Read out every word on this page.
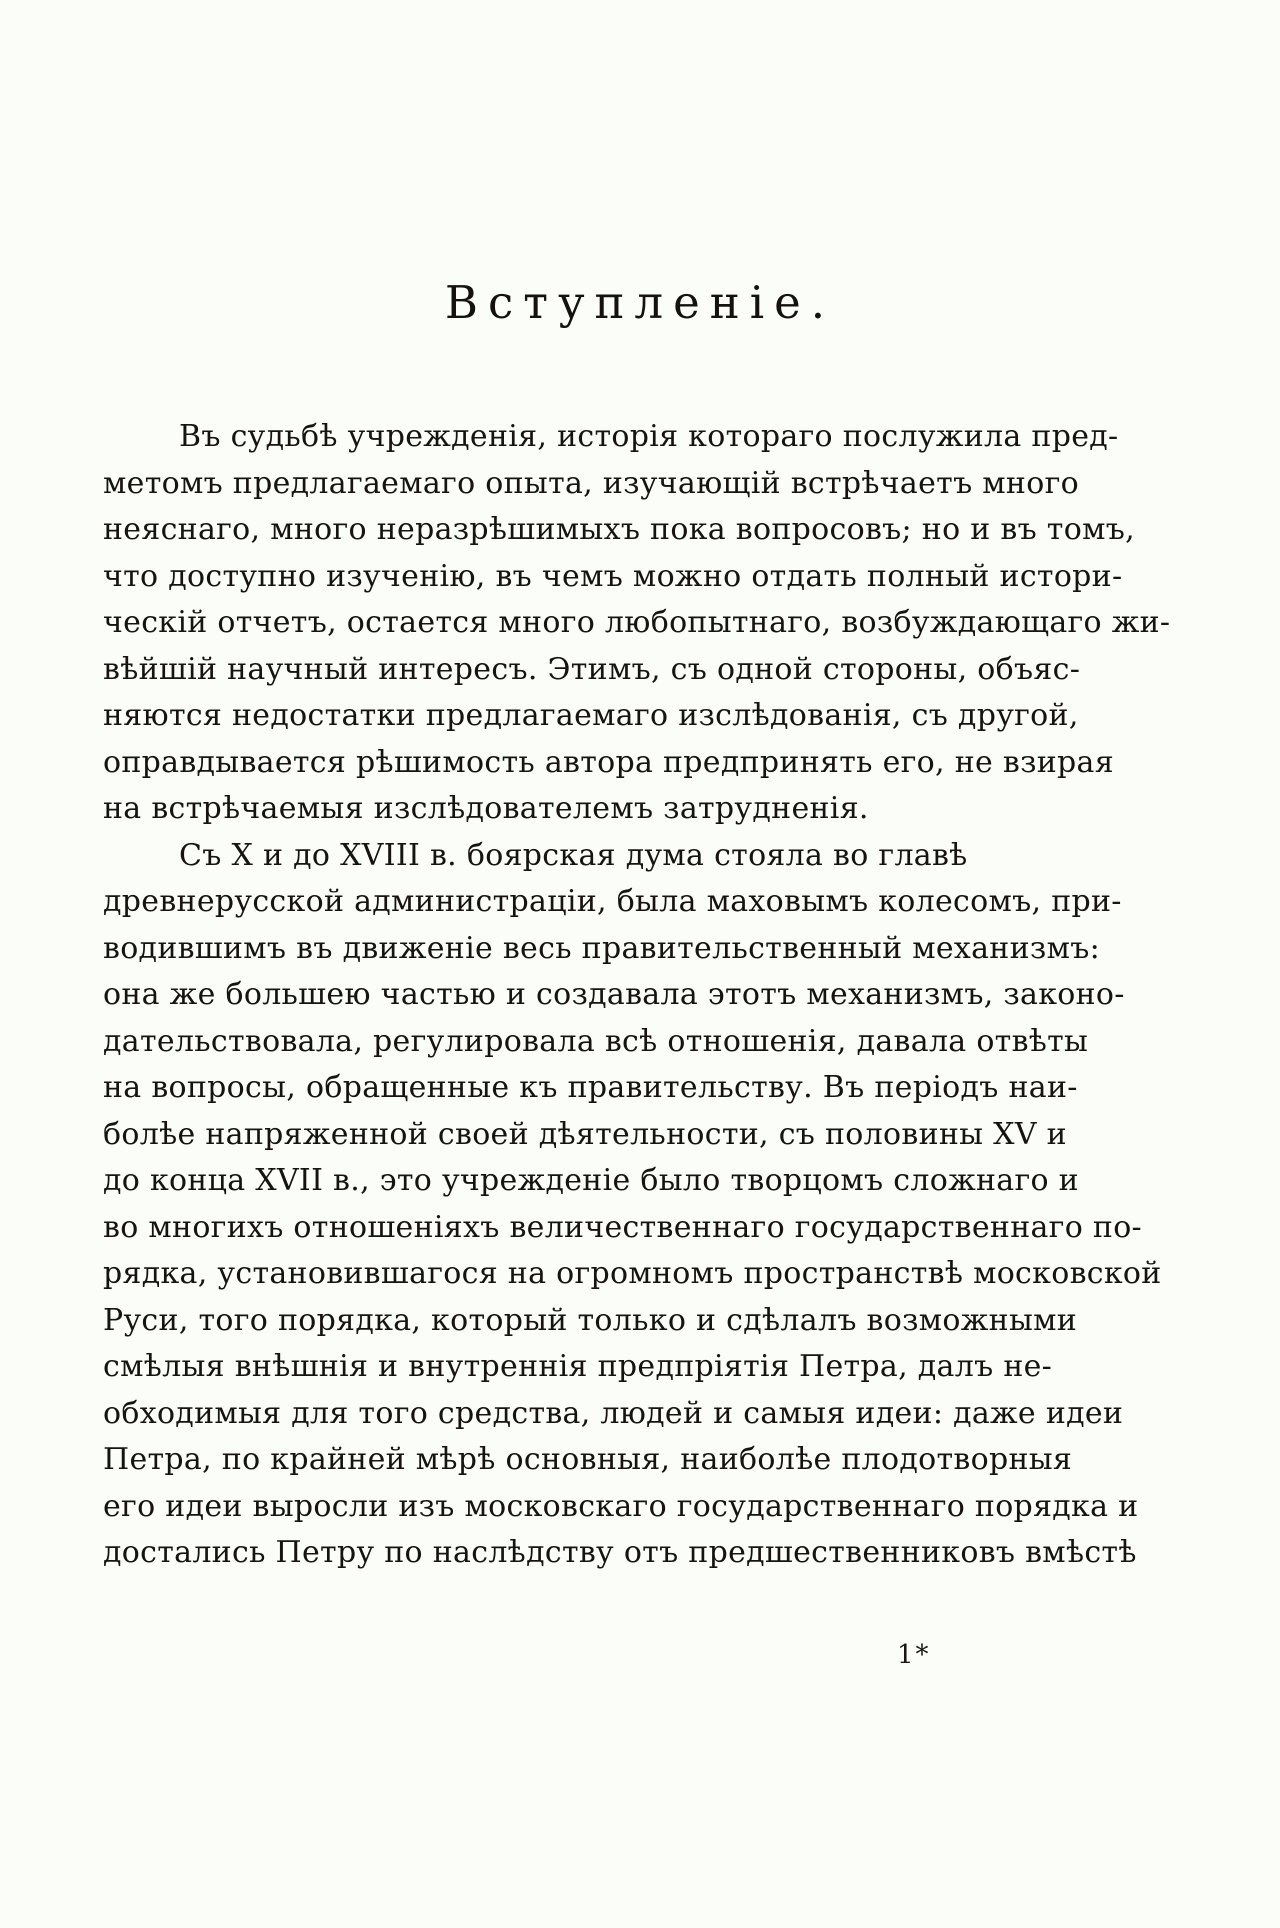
Вступленіе.
Въ судьбѣ учрежденія, исторія котораго послужила пред-
метомъ предлагаемаго опыта, изучающій встрѣчаетъ много
неяснаго, много неразрѣшимыхъ пока вопросовъ; но и въ томъ,
что доступно изученію, въ чемъ можно отдать полный истори-
ческій отчетъ, остается много любопытнаго, возбуждающаго жи-
вѣйшій научный интересъ. Этимъ, съ одной стороны, объяс-
няются недостатки предлагаемаго изслѣдованія, съ другой,
оправдывается рѣшимость автора предпринять его, не взирая
на встрѣчаемыя изслѣдователемъ затрудненія.
Съ X и до XVIII в. боярская дума стояла во главѣ
древнерусской администраціи, была маховымъ колесомъ, при-
водившимъ въ движеніе весь правительственный механизмъ:
она же большею частью и создавала этотъ механизмъ, законо-
дательствовала, регулировала всѣ отношенія, давала отвѣты
на вопросы, обращенные къ правительству. Въ періодъ наи-
болѣе напряженной своей дѣятельности, съ половины XV и
до конца XVII в., это учрежденіе было творцомъ сложнаго и
во многихъ отношеніяхъ величественнаго государственнаго по-
рядка, установившагося на огромномъ пространствѣ московской
Руси, того порядка, который только и сдѣлалъ возможными
смѣлыя внѣшнія и внутреннія предпріятія Петра, далъ не-
обходимыя для того средства, людей и самыя идеи: даже идеи
Петра, по крайней мѣрѣ основныя, наиболѣе плодотворныя
его идеи выросли изъ московскаго государственнаго порядка и
достались Петру по наслѣдству отъ предшественниковъ вмѣстѣ
1*
